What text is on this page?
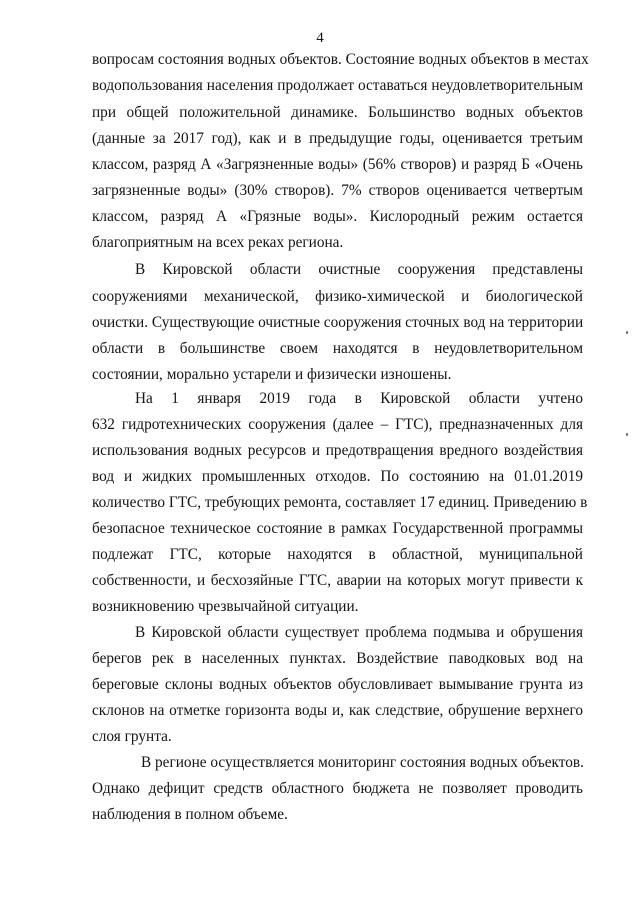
4
вопросам состояния водных объектов. Состояние водных объектов в местах
водопользования населения продолжает оставаться неудовлетворительным
при общей положительной динамике. Большинство водных объектов
(данные за 2017 год), как и в предыдущие годы, оценивается третьим
классом, разряд А «Загрязненные воды» (56% створов) и разряд Б «Очень
загрязненные воды» (30% створов). 7% створов оценивается четвертым
классом, разряд А «Грязные воды». Кислородный режим остается
благоприятным на всех реках региона.
В Кировской области очистные сооружения представлены
сооружениями механической, физико-химической и биологической
очистки. Существующие очистные сооружения сточных вод на территории
области в большинстве своем находятся в неудовлетворительном
состоянии, морально устарели и физически изношены.
На 1 января 2019 года в Кировской области учтено
632 гидротехнических сооружения (далее – ГТС), предназначенных для
использования водных ресурсов и предотвращения вредного воздействия
вод и жидких промышленных отходов. По состоянию на 01.01.2019
количество ГТС, требующих ремонта, составляет 17 единиц. Приведению в
безопасное техническое состояние в рамках Государственной программы
подлежат ГТС, которые находятся в областной, муниципальной
собственности, и бесхозяйные ГТС, аварии на которых могут привести к
возникновению чрезвычайной ситуации.
В Кировской области существует проблема подмыва и обрушения
берегов рек в населенных пунктах. Воздействие паводковых вод на
береговые склоны водных объектов обусловливает вымывание грунта из
склонов на отметке горизонта воды и, как следствие, обрушение верхнего
слоя грунта.
В регионе осуществляется мониторинг состояния водных объектов.
Однако дефицит средств областного бюджета не позволяет проводить
наблюдения в полном объеме.
